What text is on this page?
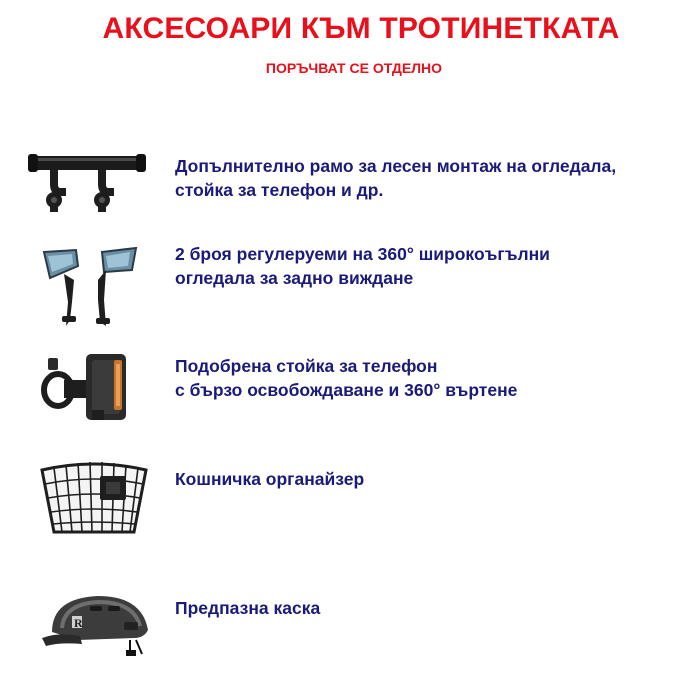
АКСЕСОАРИ КЪМ ТРОТИНЕТКАТА
ПОРЪЧВАТ СЕ ОТДЕЛНО
Допълнително рамо за лесен монтаж на огледала,
стойка за телефон и др.
2 броя регулеруеми на 360° широкоъгълни
огледала за задно виждане
Подобрена стойка за телефон
с бързо освобождаване и 360° въртене
Кошничка органайзер
R
Предпазна каска
